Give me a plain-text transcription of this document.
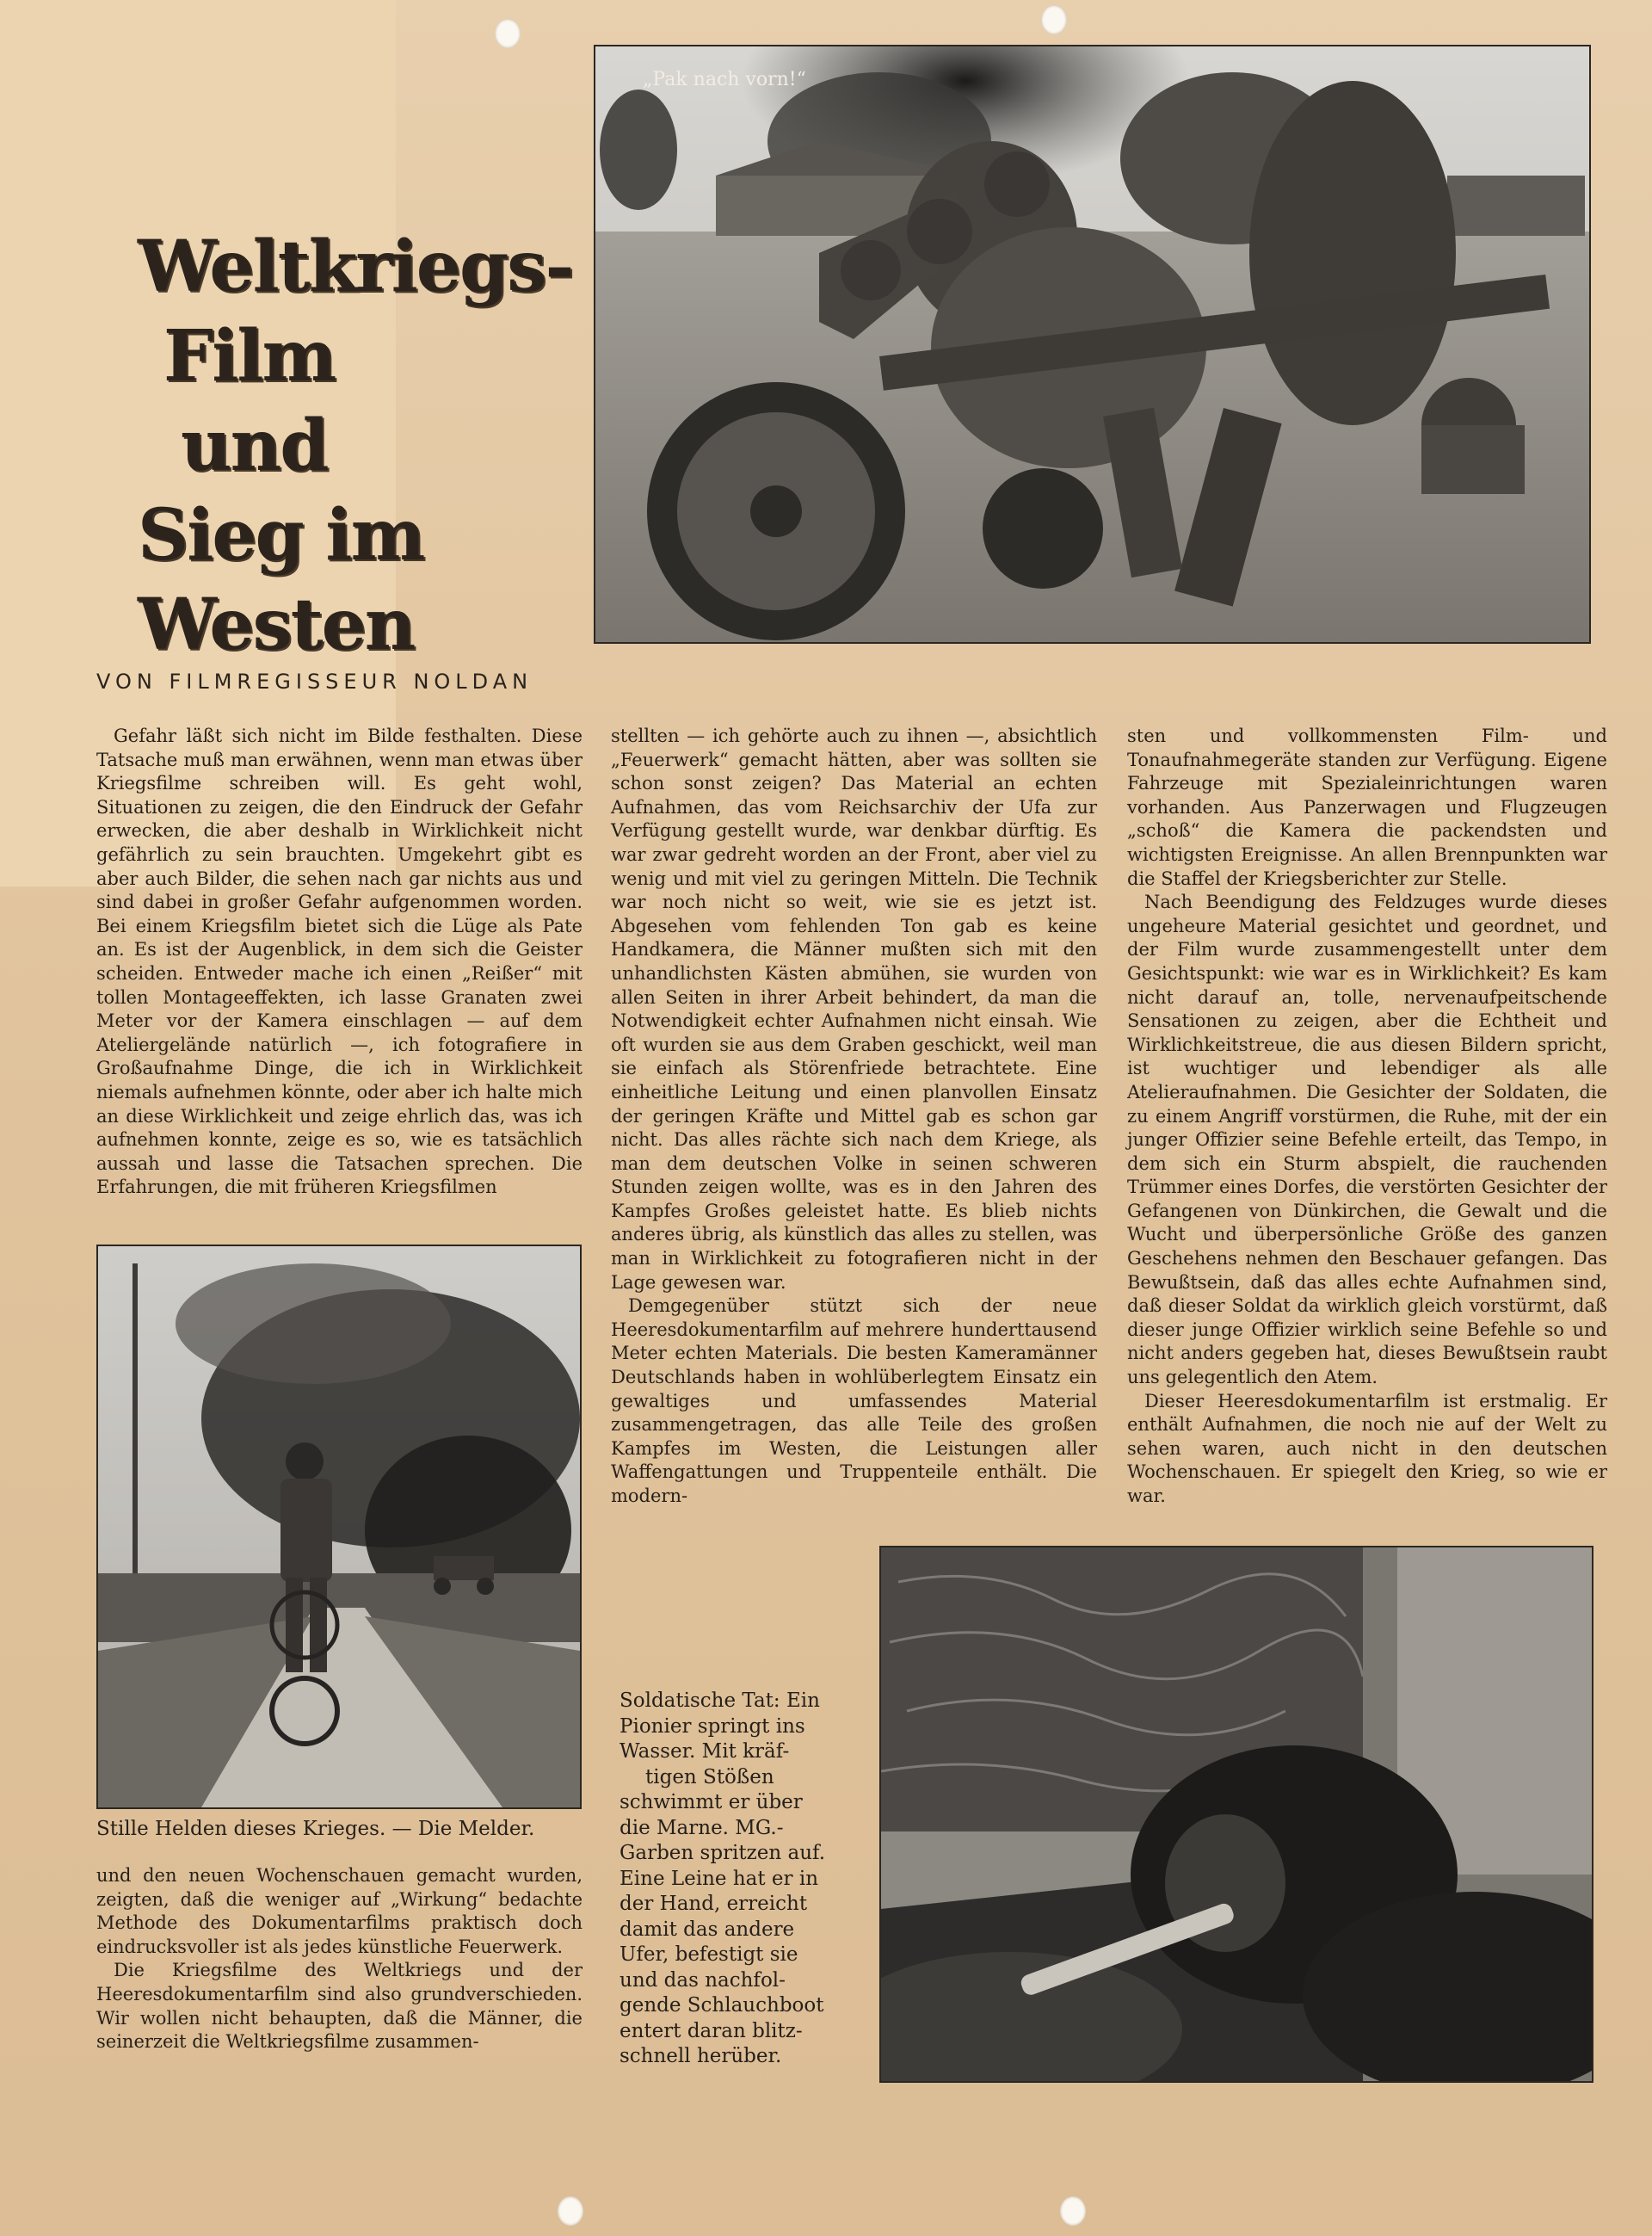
„Pak nach vorn!“
Weltkriegs-
Film
und
Sieg im
Westen
VON FILMREGISSEUR NOLDAN

Gefahr läßt sich nicht im Bilde festhalten. Diese Tatsache muß man erwähnen, wenn man etwas über Kriegsfilme schreiben will. Es geht wohl, Situationen zu zeigen, die den Eindruck der Gefahr erwecken, die aber deshalb in Wirklichkeit nicht gefährlich zu sein brauchten. Umgekehrt gibt es aber auch Bilder, die sehen nach gar nichts aus und sind dabei in großer Gefahr aufgenommen worden. Bei einem Kriegsfilm bietet sich die Lüge als Pate an. Es ist der Augenblick, in dem sich die Geister scheiden. Entweder mache ich einen „Reißer“ mit tollen Montageeffekten, ich lasse Granaten zwei Meter vor der Kamera einschlagen — auf dem Ateliergelände natürlich —, ich fotografiere in Großaufnahme Dinge, die ich in Wirklichkeit niemals aufnehmen könnte, oder aber ich halte mich an diese Wirklichkeit und zeige ehrlich das, was ich aufnehmen konnte, zeige es so, wie es tatsächlich aussah und lasse die Tatsachen sprechen. Die Erfahrungen, die mit früheren Kriegsfilmen

Stille Helden dieses Krieges. — Die Melder.

und den neuen Wochenschauen gemacht wurden, zeigten, daß die weniger auf „Wirkung“ bedachte Methode des Dokumentarfilms praktisch doch eindrucksvoller ist als jedes künstliche Feuerwerk.

Die Kriegsfilme des Weltkriegs und der Heeresdokumentarfilm sind also grundverschieden. Wir wollen nicht behaupten, daß die Männer, die seinerzeit die Weltkriegsfilme zusammen-

stellten — ich gehörte auch zu ihnen —, absichtlich „Feuerwerk“ gemacht hätten, aber was sollten sie schon sonst zeigen? Das Material an echten Aufnahmen, das vom Reichsarchiv der Ufa zur Verfügung gestellt wurde, war denkbar dürftig. Es war zwar gedreht worden an der Front, aber viel zu wenig und mit viel zu geringen Mitteln. Die Technik war noch nicht so weit, wie sie es jetzt ist. Abgesehen vom fehlenden Ton gab es keine Handkamera, die Männer mußten sich mit den unhandlichsten Kästen abmühen, sie wurden von allen Seiten in ihrer Arbeit behindert, da man die Notwendigkeit echter Aufnahmen nicht einsah. Wie oft wurden sie aus dem Graben geschickt, weil man sie einfach als Störenfriede betrachtete. Eine einheitliche Leitung und einen planvollen Einsatz der geringen Kräfte und Mittel gab es schon gar nicht. Das alles rächte sich nach dem Kriege, als man dem deutschen Volke in seinen schweren Stunden zeigen wollte, was es in den Jahren des Kampfes Großes geleistet hatte. Es blieb nichts anderes übrig, als künstlich das alles zu stellen, was man in Wirklichkeit zu fotografieren nicht in der Lage gewesen war.

Demgegenüber stützt sich der neue Heeresdokumentarfilm auf mehrere hunderttausend Meter echten Materials. Die besten Kameramänner Deutschlands haben in wohlüberlegtem Einsatz ein gewaltiges und umfassendes Material zusammengetragen, das alle Teile des großen Kampfes im Westen, die Leistungen aller Waffengattungen und Truppenteile enthält. Die modern-

sten und vollkommensten Film- und Tonaufnahmegeräte standen zur Verfügung. Eigene Fahrzeuge mit Spezialeinrichtungen waren vorhanden. Aus Panzerwagen und Flugzeugen „schoß“ die Kamera die packendsten und wichtigsten Ereignisse. An allen Brennpunkten war die Staffel der Kriegsberichter zur Stelle.

Nach Beendigung des Feldzuges wurde dieses ungeheure Material gesichtet und geordnet, und der Film wurde zusammengestellt unter dem Gesichtspunkt: wie war es in Wirklichkeit? Es kam nicht darauf an, tolle, nervenaufpeitschende Sensationen zu zeigen, aber die Echtheit und Wirklichkeitstreue, die aus diesen Bildern spricht, ist wuchtiger und lebendiger als alle Atelieraufnahmen. Die Gesichter der Soldaten, die zu einem Angriff vorstürmen, die Ruhe, mit der ein junger Offizier seine Befehle erteilt, das Tempo, in dem sich ein Sturm abspielt, die rauchenden Trümmer eines Dorfes, die verstörten Gesichter der Gefangenen von Dünkirchen, die Gewalt und die Wucht und überpersönliche Größe des ganzen Geschehens nehmen den Beschauer gefangen. Das Bewußtsein, daß das alles echte Aufnahmen sind, daß dieser Soldat da wirklich gleich vorstürmt, daß dieser junge Offizier wirklich seine Befehle so und nicht anders gegeben hat, dieses Bewußtsein raubt uns gelegentlich den Atem.

Dieser Heeresdokumentarfilm ist erstmalig. Er enthält Aufnahmen, die noch nie auf der Welt zu sehen waren, auch nicht in den deutschen Wochenschauen. Er spiegelt den Krieg, so wie er war.

Soldatische Tat: Ein
Pionier springt ins
Wasser. Mit kräf-
tigen Stößen
schwimmt er über
die Marne. MG.-
Garben spritzen auf.
Eine Leine hat er in
der Hand, erreicht
damit das andere
Ufer, befestigt sie
und das nachfol-
gende Schlauchboot
entert daran blitz-
schnell herüber.
